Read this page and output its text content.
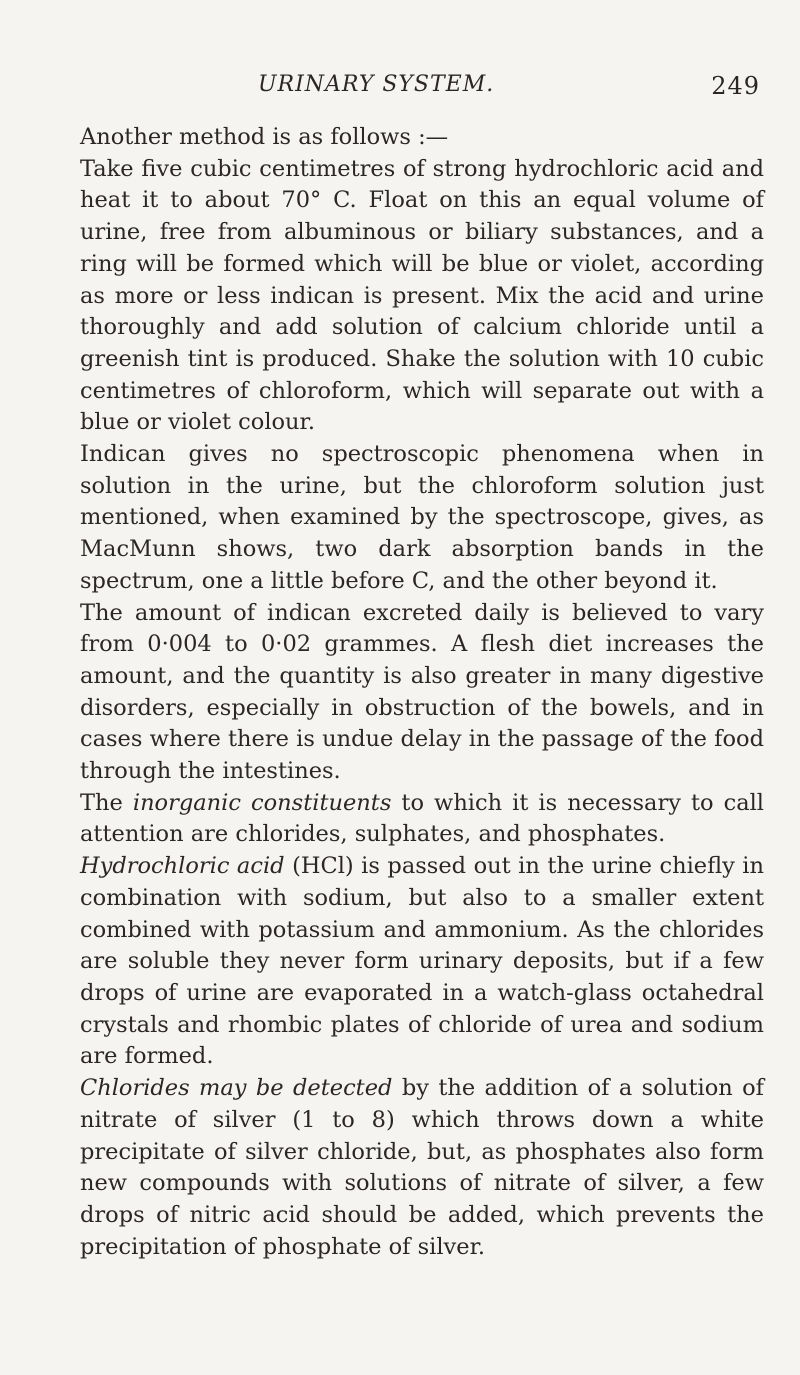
URINARY SYSTEM.	249

Another method is as follows :—

Take five cubic centimetres of strong hydrochloric acid and heat it to about 70° C. Float on this an equal volume of urine, free from albuminous or biliary substances, and a ring will be formed which will be blue or violet, according as more or less indican is present. Mix the acid and urine thoroughly and add solution of calcium chloride until a greenish tint is produced. Shake the solution with 10 cubic centimetres of chloroform, which will separate out with a blue or violet colour.

Indican gives no spectroscopic phenomena when in solution in the urine, but the chloroform solution just mentioned, when examined by the spectroscope, gives, as MacMunn shows, two dark absorption bands in the spectrum, one a little before C, and the other beyond it.

The amount of indican excreted daily is believed to vary from 0·004 to 0·02 grammes. A flesh diet increases the amount, and the quantity is also greater in many digestive disorders, especially in obstruction of the bowels, and in cases where there is undue delay in the passage of the food through the intestines.

The inorganic constituents to which it is necessary to call attention are chlorides, sulphates, and phosphates.

Hydrochloric acid (HCl) is passed out in the urine chiefly in combination with sodium, but also to a smaller extent combined with potassium and ammonium. As the chlorides are soluble they never form urinary deposits, but if a few drops of urine are evaporated in a watch-glass octahedral crystals and rhombic plates of chloride of urea and sodium are formed.

Chlorides may be detected by the addition of a solution of nitrate of silver (1 to 8) which throws down a white precipitate of silver chloride, but, as phosphates also form new compounds with solutions of nitrate of silver, a few drops of nitric acid should be added, which prevents the precipitation of phosphate of silver.
